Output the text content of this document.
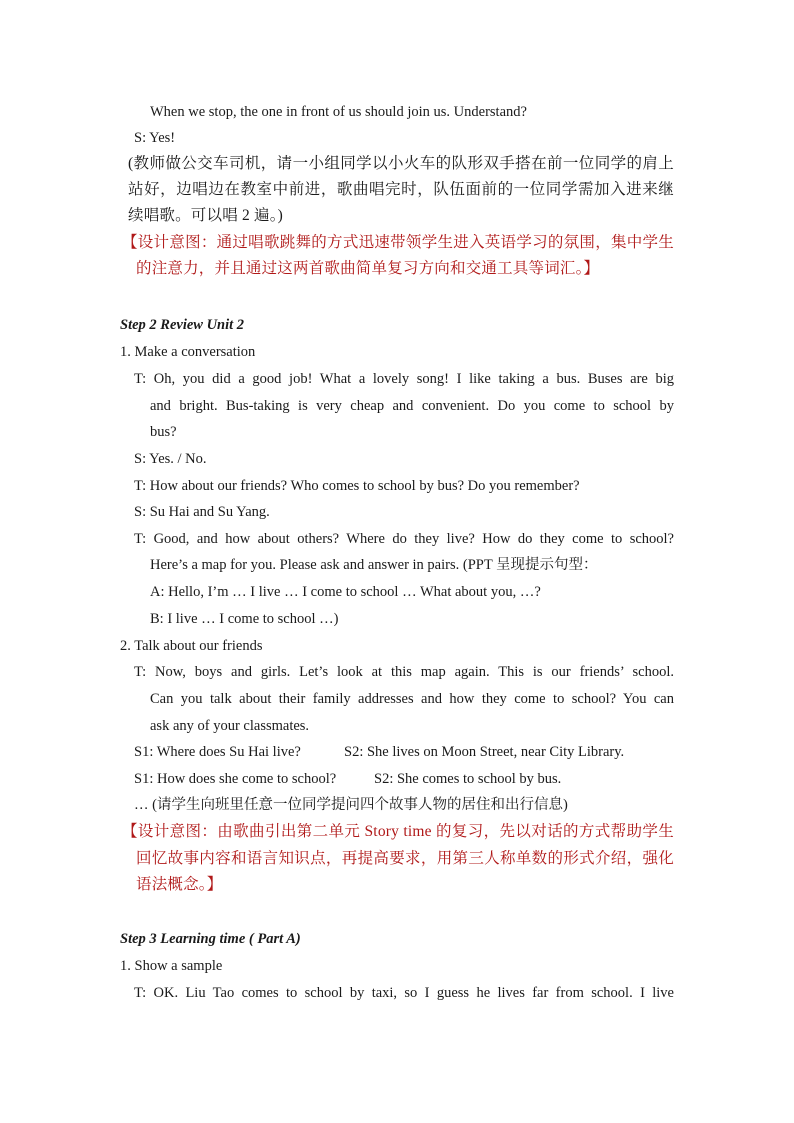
When we stop, the one in front of us should join us. Understand?
S: Yes!
(教师做公交车司机，请一小组同学以小火车的队形双手搭在前一位同学的肩上
站好，边唱边在教室中前进，歌曲唱完时，队伍面前的一位同学需加入进来继
续唱歌。可以唱 2 遍。)
【设计意图：通过唱歌跳舞的方式迅速带领学生进入英语学习的氛围，集中学生
的注意力，并且通过这两首歌曲简单复习方向和交通工具等词汇。】
Step 2 Review Unit 2
1. Make a conversation
T: Oh, you did a good job! What a lovely song! I like taking a bus. Buses are big
and bright. Bus-taking is very cheap and convenient. Do you come to school by
bus?
S: Yes. / No.
T: How about our friends? Who comes to school by bus? Do you remember?
S: Su Hai and Su Yang.
T: Good, and how about others? Where do they live? How do they come to school?
Here’s a map for you. Please ask and answer in pairs. (PPT 呈现提示句型：
A: Hello, I’m … I live … I come to school … What about you, …?
B: I live … I come to school …)
2. Talk about our friends
T: Now, boys and girls. Let’s look at this map again. This is our friends’ school.
Can you talk about their family addresses and how they come to school? You can
ask any of your classmates.
S1: Where does Su Hai live?	S2: She lives on Moon Street, near City Library.
S1: How does she come to school?	S2: She comes to school by bus.
… (请学生向班里任意一位同学提问四个故事人物的居住和出行信息)
【设计意图：由歌曲引出第二单元 Story time 的复习，先以对话的方式帮助学生
回忆故事内容和语言知识点，再提高要求，用第三人称单数的形式介绍，强化
语法概念。】
Step 3 Learning time ( Part A)
1. Show a sample
T: OK. Liu Tao comes to school by taxi, so I guess he lives far from school. I live
